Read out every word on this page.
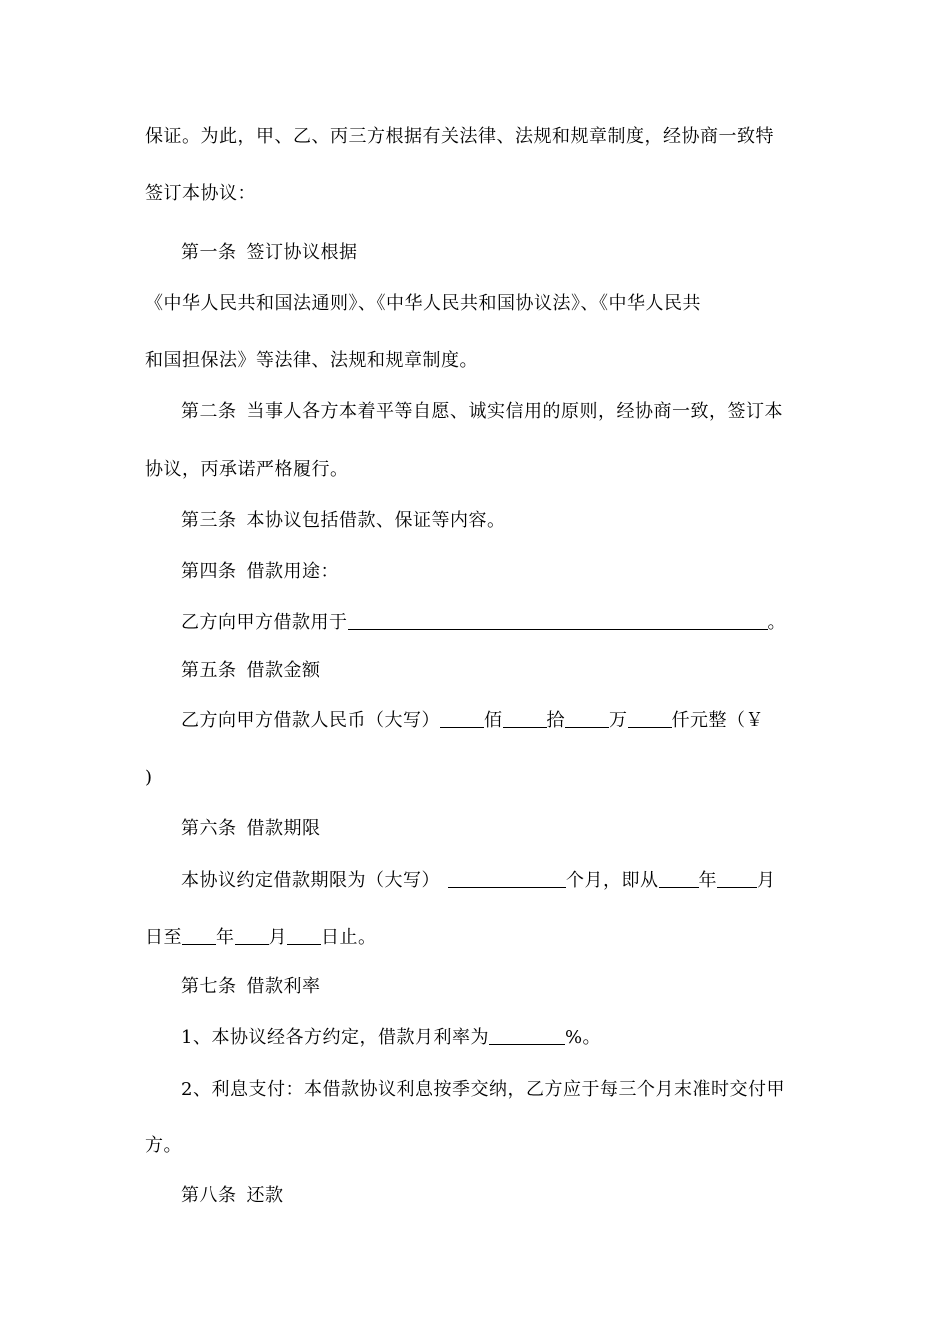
保证。为此，甲、乙、丙三方根据有关法律、法规和规章制度，经协商一致特
签订本协议：
第一条 签订协议根据
《中华人民共和国法通则》、《中华人民共和国协议法》、《中华人民共
和国担保法》等法律、法规和规章制度。
第二条 当事人各方本着平等自愿、诚实信用的原则，经协商一致，签订本
协议，丙承诺严格履行。
第三条 本协议包括借款、保证等内容。
第四条 借款用途：
乙方向甲方借款用于	。
第五条 借款金额
乙方向甲方借款人民币（大写） 佰 拾 万 仟元整（￥
)
第六条 借款期限
本协议约定借款期限为（大写）	个月，即从 年 月
日至 年 月 日止。
第七条 借款利率
1、本协议经各方约定，借款月利率为	%。
2、利息支付：本借款协议利息按季交纳，乙方应于每三个月末准时交付甲
方。
第八条 还款
